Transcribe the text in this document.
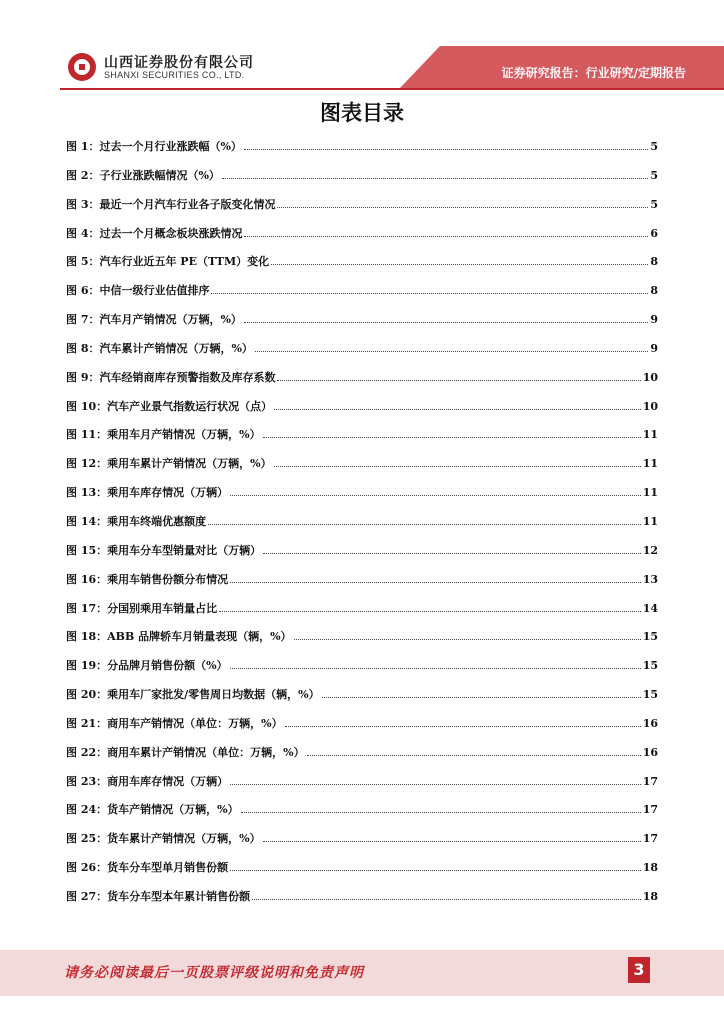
山西证券股份有限公司
SHANXI SECURITIES CO., LTD.	证券研究报告：行业研究/定期报告
图表目录
图 1：过去一个月行业涨跌幅（%）	5
图 2：子行业涨跌幅情况（%）	5
图 3：最近一个月汽车行业各子版变化情况	5
图 4：过去一个月概念板块涨跌情况	6
图 5：汽车行业近五年 PE（TTM）变化	8
图 6：中信一级行业估值排序	8
图 7：汽车月产销情况（万辆，%）	9
图 8：汽车累计产销情况（万辆，%）	9
图 9：汽车经销商库存预警指数及库存系数	10
图 10：汽车产业景气指数运行状况（点）	10
图 11：乘用车月产销情况（万辆，%）	11
图 12：乘用车累计产销情况（万辆，%）	11
图 13：乘用车库存情况（万辆）	11
图 14：乘用车终端优惠额度	11
图 15：乘用车分车型销量对比（万辆）	12
图 16：乘用车销售份额分布情况	13
图 17：分国别乘用车销量占比	14
图 18：ABB 品牌轿车月销量表现（辆，%）	15
图 19：分品牌月销售份额（%）	15
图 20：乘用车厂家批发/零售周日均数据（辆，%）	15
图 21：商用车产销情况（单位：万辆，%）	16
图 22：商用车累计产销情况（单位：万辆，%）	16
图 23：商用车库存情况（万辆）	17
图 24：货车产销情况（万辆，%）	17
图 25：货车累计产销情况（万辆，%）	17
图 26：货车分车型单月销售份额	18
图 27：货车分车型本年累计销售份额	18
请务必阅读最后一页股票评级说明和免责声明	3
